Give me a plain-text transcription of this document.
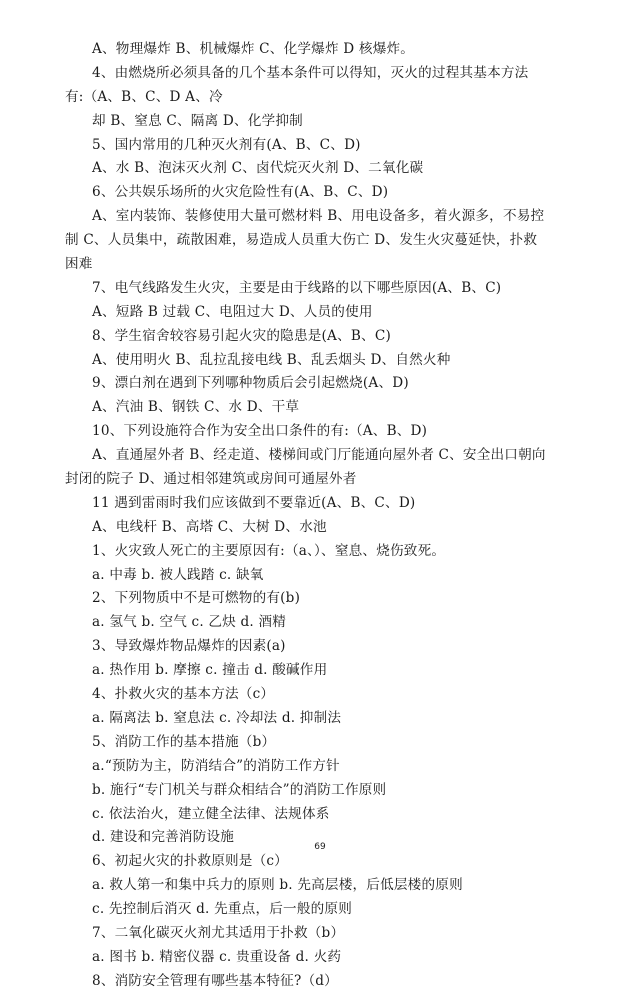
A、物理爆炸 B、机械爆炸 C、化学爆炸 D 核爆炸。
4、由燃烧所必须具备的几个基本条件可以得知，灭火的过程其基本方法
有:（A、B、C、D A、冷
却 B、窒息 C、隔离 D、化学抑制
5、国内常用的几种灭火剂有(A、B、C、D)
A、水 B、泡沫灭火剂 C、卤代烷灭火剂 D、二氧化碳
6、公共娱乐场所的火灾危险性有(A、B、C、D)
A、室内装饰、装修使用大量可燃材料 B、用电设备多，着火源多，不易控
制 C、人员集中，疏散困难，易造成人员重大伤亡 D、发生火灾蔓延快，扑救
困难
7、电气线路发生火灾，主要是由于线路的以下哪些原因(A、B、C)
A、短路 B 过载 C、电阻过大 D、人员的使用
8、学生宿舍较容易引起火灾的隐患是(A、B、C)
A、使用明火 B、乱拉乱接电线 B、乱丢烟头 D、自然火种
9、漂白剂在遇到下列哪种物质后会引起燃烧(A、D)
A、汽油 B、钢铁 C、水 D、干草
10、下列设施符合作为安全出口条件的有:（A、B、D)
A、直通屋外者 B、经走道、楼梯间或门厅能通向屋外者 C、安全出口朝向
封闭的院子 D、通过相邻建筑或房间可通屋外者
11 遇到雷雨时我们应该做到不要靠近(A、B、C、D)
A、电线杆 B、高塔 C、大树 D、水池
1、火灾致人死亡的主要原因有:（a、）、窒息、烧伤致死。
a. 中毒 b. 被人践踏 c. 缺氧
2、下列物质中不是可燃物的有(b)
a. 氢气 b. 空气 c. 乙炔 d. 酒精
3、导致爆炸物品爆炸的因素(a)
a. 热作用 b. 摩擦 c. 撞击 d. 酸碱作用
4、扑救火灾的基本方法（c）
a. 隔离法 b. 窒息法 c. 冷却法 d. 抑制法
5、消防工作的基本措施（b）
a.“预防为主，防消结合”的消防工作方针
b. 施行“专门机关与群众相结合”的消防工作原则
c. 依法治火，建立健全法律、法规体系
d. 建设和完善消防设施
6、初起火灾的扑救原则是（c）
a. 救人第一和集中兵力的原则 b. 先高层楼，后低层楼的原则
c. 先控制后消灭 d. 先重点，后一般的原则
7、二氧化碳灭火剂尤其适用于扑救（b）
a. 图书 b. 精密仪器 c. 贵重设备 d. 火药
8、消防安全管理有哪些基本特征?（d）
69
